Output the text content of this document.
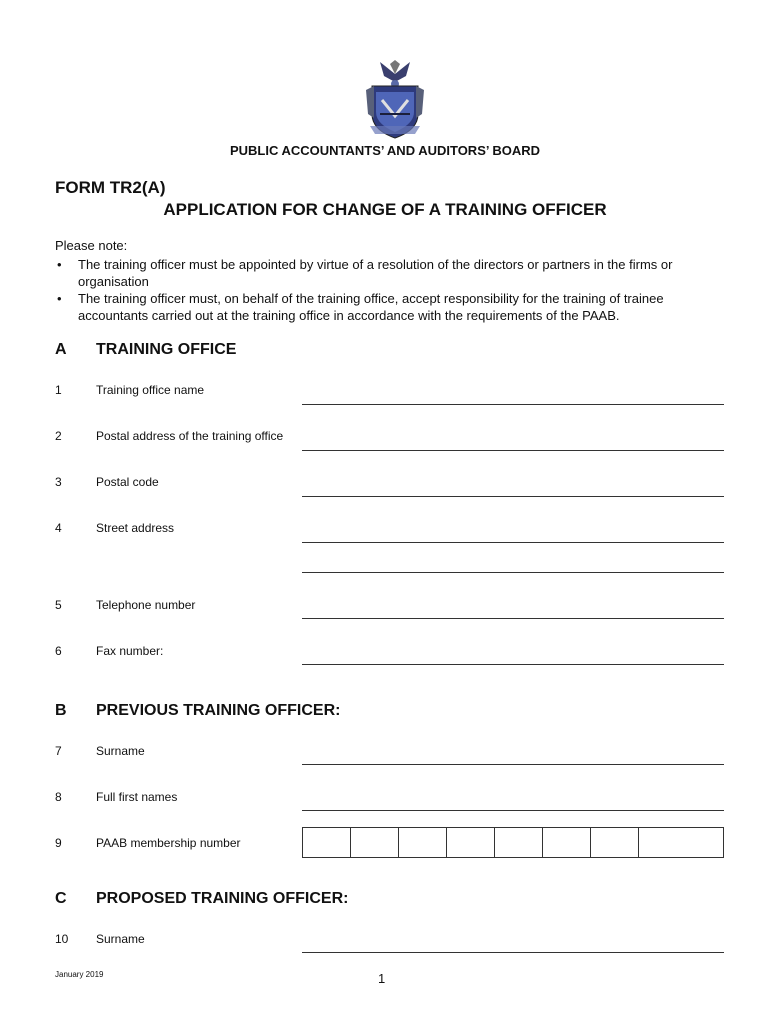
PUBLIC ACCOUNTANTS’ AND AUDITORS’ BOARD
FORM TR2(A)
APPLICATION FOR CHANGE OF A TRAINING OFFICER
Please note:
• The training officer must be appointed by virtue of a resolution of the directors or partners in the firms or organisation
• The training officer must, on behalf of the training office, accept responsibility for the training of trainee accountants carried out at the training office in accordance with the requirements of the PAAB.
A TRAINING OFFICE
1	Training office name
2	Postal address of the training office
3	Postal code
4	Street address
5	Telephone number
6	Fax number:
B PREVIOUS TRAINING OFFICER:
7	Surname
8	Full first names
9	PAAB membership number
C PROPOSED TRAINING OFFICER:
10 Surname
January 2019	1
